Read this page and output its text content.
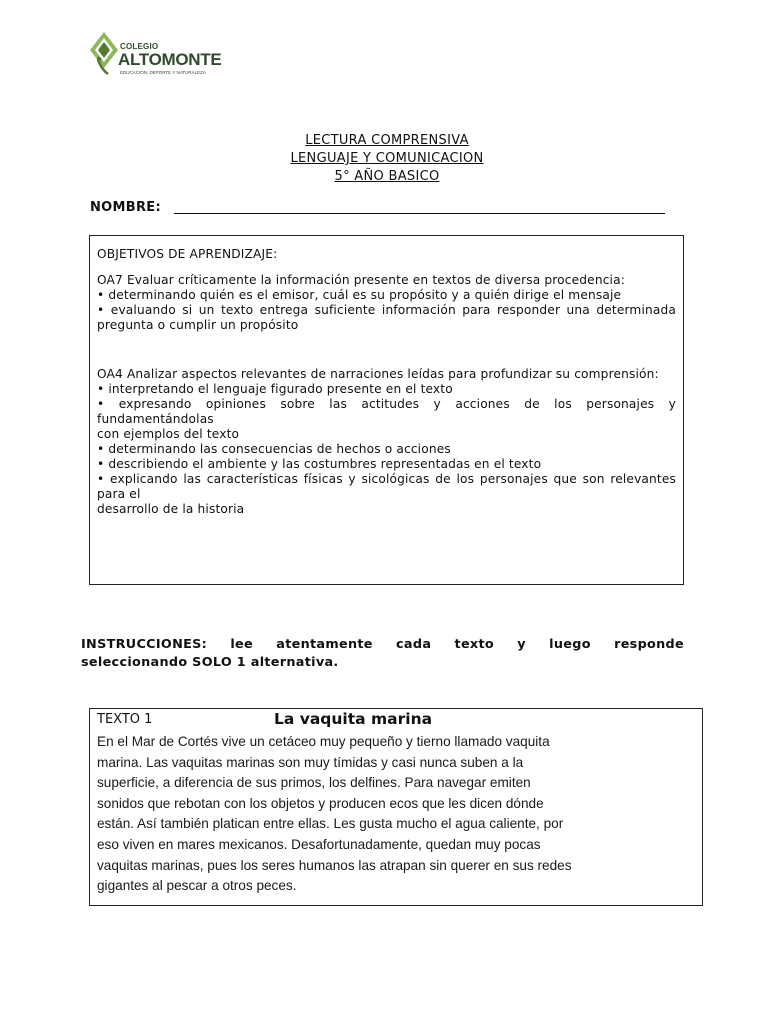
COLEGIO
ALTOMONTE
EDUCACIÓN, DEPORTE Y NATURALEZA
LECTURA COMPRENSIVA
LENGUAJE Y COMUNICACION
5° AÑO BASICO
NOMBRE:

OBJETIVOS DE APRENDIZAJE:

OA7 Evaluar críticamente la información presente en textos de diversa procedencia:

• determinando quién es el emisor, cuál es su propósito y a quién dirige el mensaje

• evaluando si un texto entrega suficiente información para responder una determinada pregunta o cumplir un propósito

OA4 Analizar aspectos relevantes de narraciones leídas para profundizar su comprensión:

• interpretando el lenguaje figurado presente en el texto

• expresando opiniones sobre las actitudes y acciones de los personajes y fundamentándolas

con ejemplos del texto

• determinando las consecuencias de hechos o acciones

• describiendo el ambiente y las costumbres representadas en el texto

• explicando las características físicas y sicológicas de los personajes que son relevantes para el

desarrollo de la historia

INSTRUCCIONES: lee atentamente cada texto y luego responde
seleccionando SOLO 1 alternativa.
TEXTO 1	La vaquita marina
En el Mar de Cortés vive un cetáceo muy pequeño y tierno llamado vaquita
marina. Las vaquitas marinas son muy tímidas y casi nunca suben a la
superficie, a diferencia de sus primos, los delfines. Para navegar emiten
sonidos que rebotan con los objetos y producen ecos que les dicen dónde
están. Así también platican entre ellas. Les gusta mucho el agua caliente, por
eso viven en mares mexicanos. Desafortunadamente, quedan muy pocas
vaquitas marinas, pues los seres humanos las atrapan sin querer en sus redes
gigantes al pescar a otros peces.
